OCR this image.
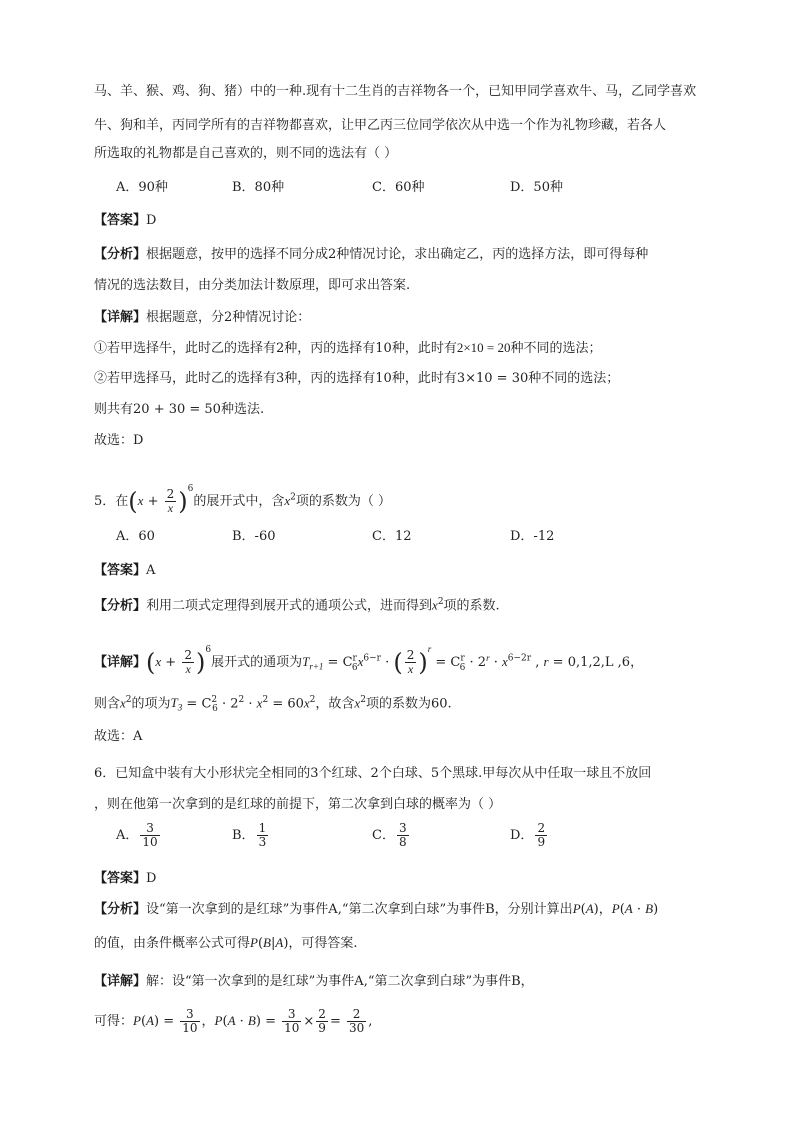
马、羊、猴、鸡、狗、猪）中的一种.现有十二生肖的吉祥物各一个，已知甲同学喜欢牛、马，乙同学喜欢
牛、狗和羊，丙同学所有的吉祥物都喜欢，让甲乙丙三位同学依次从中选一个作为礼物珍藏，若各人
所选取的礼物都是自己喜欢的，则不同的选法有（ ）
A．90种	B．80种	C．60种	D．50种
【答案】D
【分析】根据题意，按甲的选择不同分成2种情况讨论，求出确定乙，丙的选择方法，即可得每种
情况的选法数目，由分类加法计数原理，即可求出答案.
【详解】根据题意，分2种情况讨论：
①若甲选择牛，此时乙的选择有2种，丙的选择有10种，此时有2×10 = 20种不同的选法；
②若甲选择马，此时乙的选择有3种，丙的选择有10种，此时有3×10 = 30种不同的选法；
则共有20 + 30 = 50种选法.
故选：D
5．在$(x + \frac{2}{x} )^6$的展开式中，含$x^2$项的系数为（ ）
A．60	B．-60	C．12	D．-12
【答案】A
【分析】利用二项式定理得到展开式的通项公式，进而得到$x^2$项的系数.
【详解】$(x + \frac{2}{x} )^6$展开式的通项为$T_{r+1} = C^r_6x^{6-r}$ · ( $\frac{2}{x} )^r = C^r_6 \cdot 2^r \cdot x^{6-2r}$ , r = 0,1,2,L ,6，
则含$x^2$的项为$T_3 = C^2_6 \cdot 2^2 \cdot x^2 = 60x^2$，故含$x^2$项的系数为60.
故选：A
6．已知盒中装有大小形状完全相同的3个红球、2个白球、5个黑球.甲每次从中任取一球且不放回
，则在他第一次拿到的是红球的前提下，第二次拿到白球的概率为（ ）
A． $\frac{3}{10}$	B． $\frac{1}{3}$	C． $\frac{3}{8}$	D． $\frac{2}{9}$
【答案】D
【分析】设“第一次拿到的是红球”为事件A,“第二次拿到白球”为事件B，分别计算出P(A)，P(A · B)
的值，由条件概率公式可得P(B|A)，可得答案.
【详解】解：设“第一次拿到的是红球”为事件A,“第二次拿到白球”为事件B，
可得：$P(A) = \frac{3}{10}$ ，$P(A \cdot B) = \frac{3}{10} \times \frac{2}{9} = \frac{2}{30}$ ,
